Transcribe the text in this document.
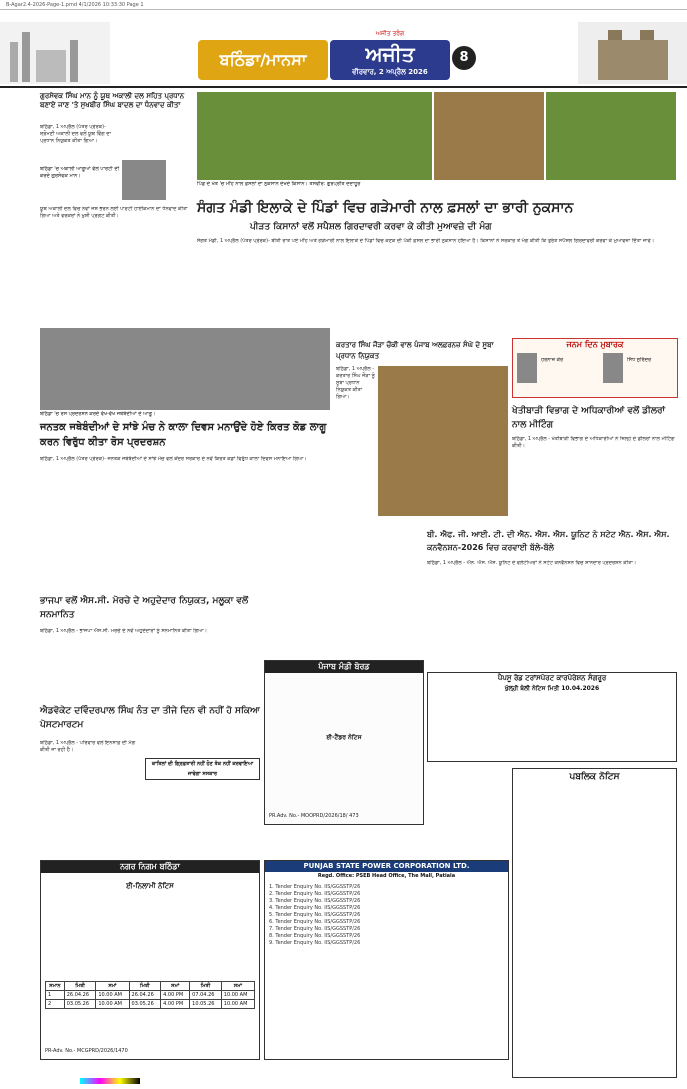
B-Agar2.4-2026-Page-1.pmd 4/1/2026 10:33:30 Page 1
ਅਜੀਤ ਤਰੰਗ
ਬਠਿੰਡਾ/ਮਾਨਸਾ	ਅਜੀਤ
ਵੀਰਵਾਰ, 2 ਅਪ੍ਰੈਲ 2026
8
ਗੁਰਸੇਵਕ ਸਿੰਘ ਮਾਨ ਨੂੰ ਯੂਥ ਅਕਾਲੀ ਦਲ ਸਹਿਤ ਪ੍ਰਧਾਨ ਬਣਾਏ ਜਾਣ 'ਤੇ ਸੁਖਬੀਰ ਸਿੰਘ ਬਾਦਲ ਦਾ ਧੰਨਵਾਦ ਕੀਤਾ
ਬਠਿੰਡਾ, 1 ਅਪ੍ਰੈਲ (ਪੱਤਰ ਪ੍ਰੇਰਕ)- ਸ਼੍ਰੋਮਣੀ ਅਕਾਲੀ ਦਲ ਵਲੋਂ ਯੂਥ ਵਿੰਗ ਦਾ ਪ੍ਰਧਾਨ ਨਿਯੁਕਤ ਕੀਤਾ ਗਿਆ।
ਬਠਿੰਡਾ 'ਚ ਅਕਾਲੀ ਆਗੂਆਂ ਵੱਲੋਂ ਪਾਰਟੀ ਦੀ ਕਰਦੇ ਗੁਰਸੇਵਕ ਮਾਨ।
ਯੂਥ ਅਕਾਲੀ ਦਲ ਵਿਚ ਨਵਾਂ ਜੋਸ਼ ਭਰਨ ਲਈ ਪਾਰਟੀ ਹਾਈਕਮਾਨ ਦਾ ਧੰਨਵਾਦ ਕੀਤਾ ਗਿਆ ਅਤੇ ਵਰਕਰਾਂ ਨੇ ਖੁਸ਼ੀ ਪ੍ਰਗਟ ਕੀਤੀ।
ਪਿੰਡ ਦੇ ਖੇਤ 'ਚ ਮੀਂਹ ਨਾਲ ਫ਼ਸਲਾਂ ਦਾ ਨੁਕਸਾਨ ਦੇਖਦੇ ਕਿਸਾਨ। ਤਸਵੀਰ: ਗੁਰਪ੍ਰੀਤ ਦਦਾਹੂਰ
ਸੰਗਤ ਮੰਡੀ ਇਲਾਕੇ ਦੇ ਪਿੰਡਾਂ ਵਿਚ ਗੜੇਮਾਰੀ ਨਾਲ ਫ਼ਸਲਾਂ ਦਾ ਭਾਰੀ ਨੁਕਸਾਨ
ਪੀੜਤ ਕਿਸਾਨਾਂ ਵਲੋਂ ਸਪੈਸ਼ਲ ਗਿਰਦਾਵਰੀ ਕਰਵਾ ਕੇ ਕੀਤੀ ਮੁਆਵਜ਼ੇ ਦੀ ਮੰਗ
ਸੰਗਤ ਮੰਡੀ, 1 ਅਪ੍ਰੈਲ (ਪੱਤਰ ਪ੍ਰੇਰਕ)- ਬੀਤੀ ਰਾਤ ਪਏ ਮੀਂਹ ਅਤੇ ਗੜੇਮਾਰੀ ਨਾਲ ਇਲਾਕੇ ਦੇ ਪਿੰਡਾਂ ਵਿਚ ਕਣਕ ਦੀ ਪੱਕੀ ਫ਼ਸਲ ਦਾ ਭਾਰੀ ਨੁਕਸਾਨ ਹੋਇਆ ਹੈ। ਕਿਸਾਨਾਂ ਨੇ ਸਰਕਾਰ ਤੋਂ ਮੰਗ ਕੀਤੀ ਕਿ ਤੁਰੰਤ ਸਪੈਸ਼ਲ ਗਿਰਦਾਵਰੀ ਕਰਵਾ ਕੇ ਮੁਆਵਜ਼ਾ ਦਿੱਤਾ ਜਾਵੇ।
ਬਠਿੰਡਾ 'ਚ ਰੋਸ ਪ੍ਰਦਰਸ਼ਨ ਕਰਦੇ ਵੱਖ-ਵੱਖ ਜਥੇਬੰਦੀਆਂ ਦੇ ਆਗੂ।
ਜਨਤਕ ਜਥੇਬੰਦੀਆਂ ਦੇ ਸਾਂਝੇ ਮੰਚ ਨੇ ਕਾਲਾ ਦਿਵਸ ਮਨਾਉਂਦੇ ਹੋਏ ਕਿਰਤ ਕੋਡ ਲਾਗੂ ਕਰਨ ਵਿਰੁੱਧ ਕੀਤਾ ਰੋਸ ਪ੍ਰਦਰਸ਼ਨ
ਬਠਿੰਡਾ, 1 ਅਪ੍ਰੈਲ (ਪੱਤਰ ਪ੍ਰੇਰਕ)- ਜਨਤਕ ਜਥੇਬੰਦੀਆਂ ਦੇ ਸਾਂਝੇ ਮੰਚ ਵਲੋਂ ਕੇਂਦਰ ਸਰਕਾਰ ਦੇ ਨਵੇਂ ਕਿਰਤ ਕੋਡਾਂ ਵਿਰੁੱਧ ਕਾਲਾ ਦਿਵਸ ਮਨਾਇਆ ਗਿਆ।
ਕਰਤਾਰ ਸਿੰਘ ਜੌੜਾ ਚੌਕੀ ਵਾਲ ਪੰਜਾਬ ਅਲਫ਼ਰਨਜ਼ ਸੰਘੇ ਦੇ ਸੂਬਾ ਪ੍ਰਧਾਨ ਨਿਯੁਕਤ
ਬਠਿੰਡਾ, 1 ਅਪ੍ਰੈਲ - ਕਰਤਾਰ ਸਿੰਘ ਜੌੜਾ ਨੂੰ ਸੂਬਾ ਪ੍ਰਧਾਨ ਨਿਯੁਕਤ ਕੀਤਾ ਗਿਆ।
ਜਨਮ ਦਿਨ ਮੁਬਾਰਕ
ਹਰਨਾਜ਼ ਕੌਰ	ਸਿੱਧ ਸੁਰਿੰਦਰ
ਖੇਤੀਬਾੜੀ ਵਿਭਾਗ ਦੇ ਅਧਿਕਾਰੀਆਂ ਵਲੋਂ ਡੀਲਰਾਂ ਨਾਲ ਮੀਟਿੰਗ
ਬਠਿੰਡਾ, 1 ਅਪ੍ਰੈਲ - ਖੇਤੀਬਾੜੀ ਵਿਭਾਗ ਦੇ ਅਧਿਕਾਰੀਆਂ ਨੇ ਜ਼ਿਲ੍ਹੇ ਦੇ ਡੀਲਰਾਂ ਨਾਲ ਮੀਟਿੰਗ ਕੀਤੀ।
ਬੀ. ਐਫ. ਜੀ. ਆਈ. ਟੀ. ਦੀ ਐਨ. ਐਸ. ਐਸ. ਯੂਨਿਟ ਨੇ ਸਟੇਟ ਐਨ. ਐਸ. ਐਸ. ਕਨਵੈਨਸ਼ਨ-2026 ਵਿਚ ਕਰਵਾਈ ਬੱਲੇ-ਬੱਲੇ
ਬਠਿੰਡਾ, 1 ਅਪ੍ਰੈਲ - ਐਨ. ਐਸ. ਐਸ. ਯੂਨਿਟ ਦੇ ਵਲੰਟੀਅਰਾਂ ਨੇ ਸਟੇਟ ਕਨਵੈਨਸ਼ਨ ਵਿਚ ਸ਼ਾਨਦਾਰ ਪ੍ਰਦਰਸ਼ਨ ਕੀਤਾ।
ਭਾਜਪਾ ਵਲੋਂ ਐਸ.ਸੀ. ਮੋਰਚੇ ਦੇ ਅਹੁਦੇਦਾਰ ਨਿਯੁਕਤ, ਮਲੂਕਾ ਵਲੋਂ ਸਨਮਾਨਿਤ
ਬਠਿੰਡਾ, 1 ਅਪ੍ਰੈਲ - ਭਾਜਪਾ ਐਸ.ਸੀ. ਮੋਰਚੇ ਦੇ ਨਵੇਂ ਅਹੁਦੇਦਾਰਾਂ ਨੂੰ ਸਨਮਾਨਿਤ ਕੀਤਾ ਗਿਆ।
ਐਡਵੋਕੇਟ ਦਵਿੰਦਰਪਾਲ ਸਿੰਘ ਨੰਤ ਦਾ ਤੀਜੇ ਦਿਨ ਵੀ ਨਹੀਂ ਹੋ ਸਕਿਆ ਪੋਸਟਮਾਰਟਮ
ਬਠਿੰਡਾ, 1 ਅਪ੍ਰੈਲ - ਪਰਿਵਾਰ ਵਲੋਂ ਇਨਸਾਫ਼ ਦੀ ਮੰਗ ਕੀਤੀ ਜਾ ਰਹੀ ਹੈ।
ਕਾਤਿਲਾਂ ਦੀ ਗ੍ਰਿਫ਼ਤਾਰੀ ਨਹੀਂ ਹੋਣ ਤੱਕ ਨਹੀਂ ਕਰਵਾਇਆ ਜਾਵੇਗਾ ਸਸਕਾਰ
ਪੰਜਾਬ ਮੰਡੀ ਬੋਰਡ
ਈ-ਟੈਂਡਰ ਨੋਟਿਸ
PR.Adv. No.- MOOPRD/2026/18/ 473
ਪੈਪਸੂ ਰੋਡ ਟਰਾਂਸਪੋਰਟ ਕਾਰਪੋਰੇਸ਼ਨ ਸੰਗਰੂਰ
ਖੁੱਲ੍ਹੀ ਬੋਲੀ ਨੋਟਿਸ ਮਿਤੀ 10.04.2026
ਪਬਲਿਕ ਨੋਟਿਸ
ਨਗਰ ਨਿਗਮ ਬਠਿੰਡਾ
ਈ-ਨਿਲਾਮੀ ਨੋਟਿਸ
ਸਮਾਨ	ਮਿਤੀ	ਸਮਾਂ	ਮਿਤੀ	ਸਮਾਂ	ਮਿਤੀ	ਸਮਾਂ
1	26.04.26	10.00 AM	26.04.26	4.00 PM	07.04.26	10.00 AM
2	03.05.26	10.00 AM	03.05.26	4.00 PM	10.05.26	10.00 AM
PR-Adv. No.- MCGPRD/2026/1470
PUNJAB STATE POWER CORPORATION LTD.
Regd. Office: PSEB Head Office, The Mall, Patiala
1. Tender Enquiry No. IIS/GGSSTP/26
2. Tender Enquiry No. IIS/GGSSTP/26
3. Tender Enquiry No. IIS/GGSSTP/26
4. Tender Enquiry No. IIS/GGSSTP/26
5. Tender Enquiry No. IIS/GGSSTP/26
6. Tender Enquiry No. IIS/GGSSTP/26
7. Tender Enquiry No. IIS/GGSSTP/26
8. Tender Enquiry No. IIS/GGSSTP/26
9. Tender Enquiry No. IIS/GGSSTP/26
